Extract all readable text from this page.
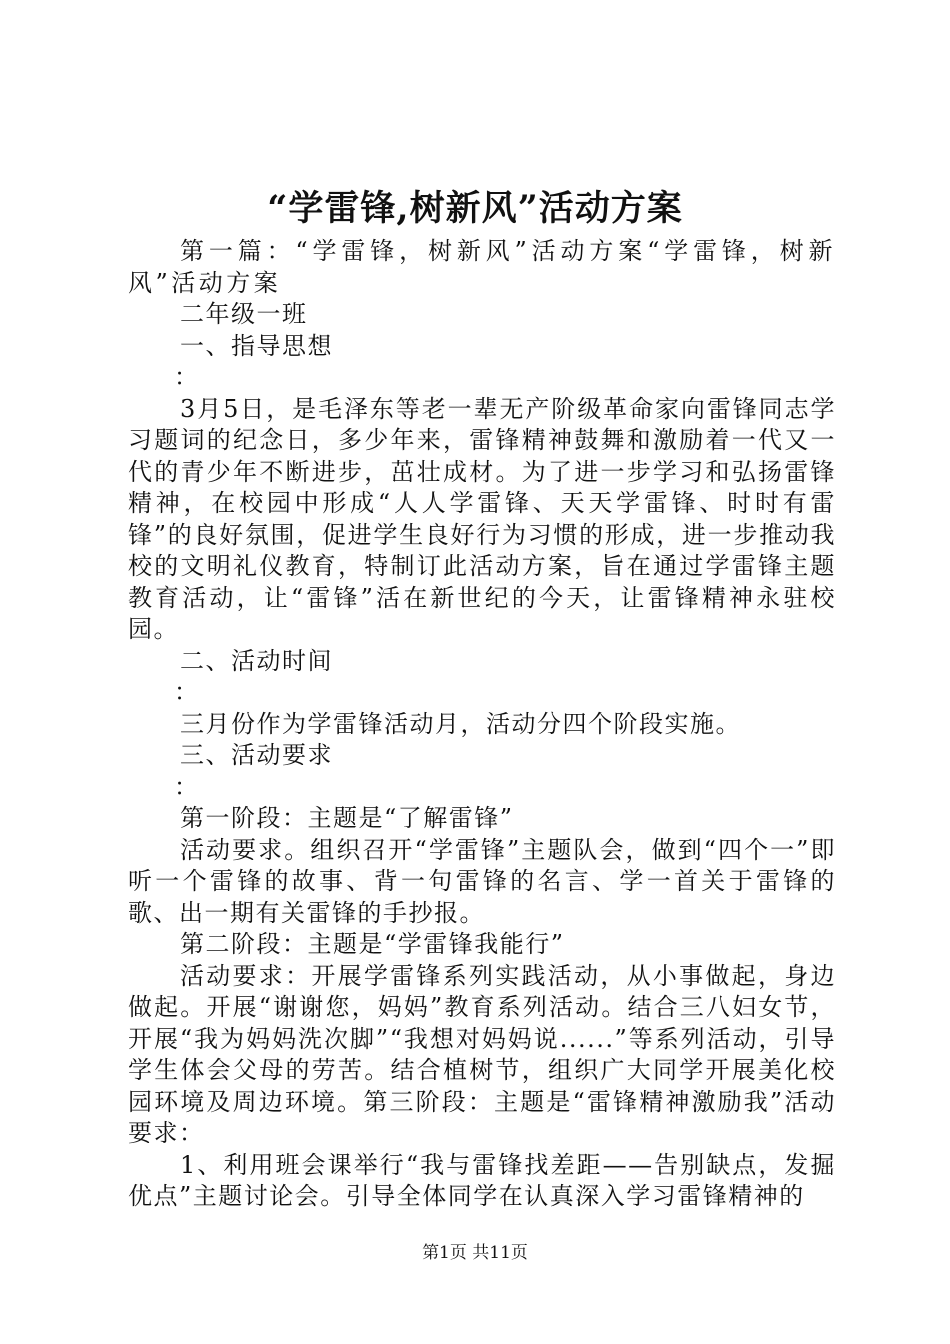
“学雷锋,树新风”活动方案

第一篇：“学雷锋，树新风”活动方案“学雷锋，树新风”活动方案

二年级一班

一、指导思想

：

3月5日，是毛泽东等老一辈无产阶级革命家向雷锋同志学习题词的纪念日，多少年来，雷锋精神鼓舞和激励着一代又一代的青少年不断进步，茁壮成材。为了进一步学习和弘扬雷锋精神，在校园中形成“人人学雷锋、天天学雷锋、时时有雷锋”的良好氛围，促进学生良好行为习惯的形成，进一步推动我校的文明礼仪教育，特制订此活动方案，旨在通过学雷锋主题教育活动，让“雷锋”活在新世纪的今天，让雷锋精神永驻校园。

二、活动时间

：

三月份作为学雷锋活动月，活动分四个阶段实施。

三、活动要求

：

第一阶段：主题是“了解雷锋”

活动要求。组织召开“学雷锋”主题队会，做到“四个一”即听一个雷锋的故事、背一句雷锋的名言、学一首关于雷锋的歌、出一期有关雷锋的手抄报。

第二阶段：主题是“学雷锋我能行”

活动要求：开展学雷锋系列实践活动，从小事做起，身边做起。开展“谢谢您，妈妈”教育系列活动。结合三八妇女节，开展“我为妈妈洗次脚”“我想对妈妈说......”等系列活动，引导学生体会父母的劳苦。结合植树节，组织广大同学开展美化校园环境及周边环境。第三阶段：主题是“雷锋精神激励我”活动要求：

1、利用班会课举行“我与雷锋找差距——告别缺点，发掘优点”主题讨论会。引导全体同学在认真深入学习雷锋精神的

第1页 共11页
